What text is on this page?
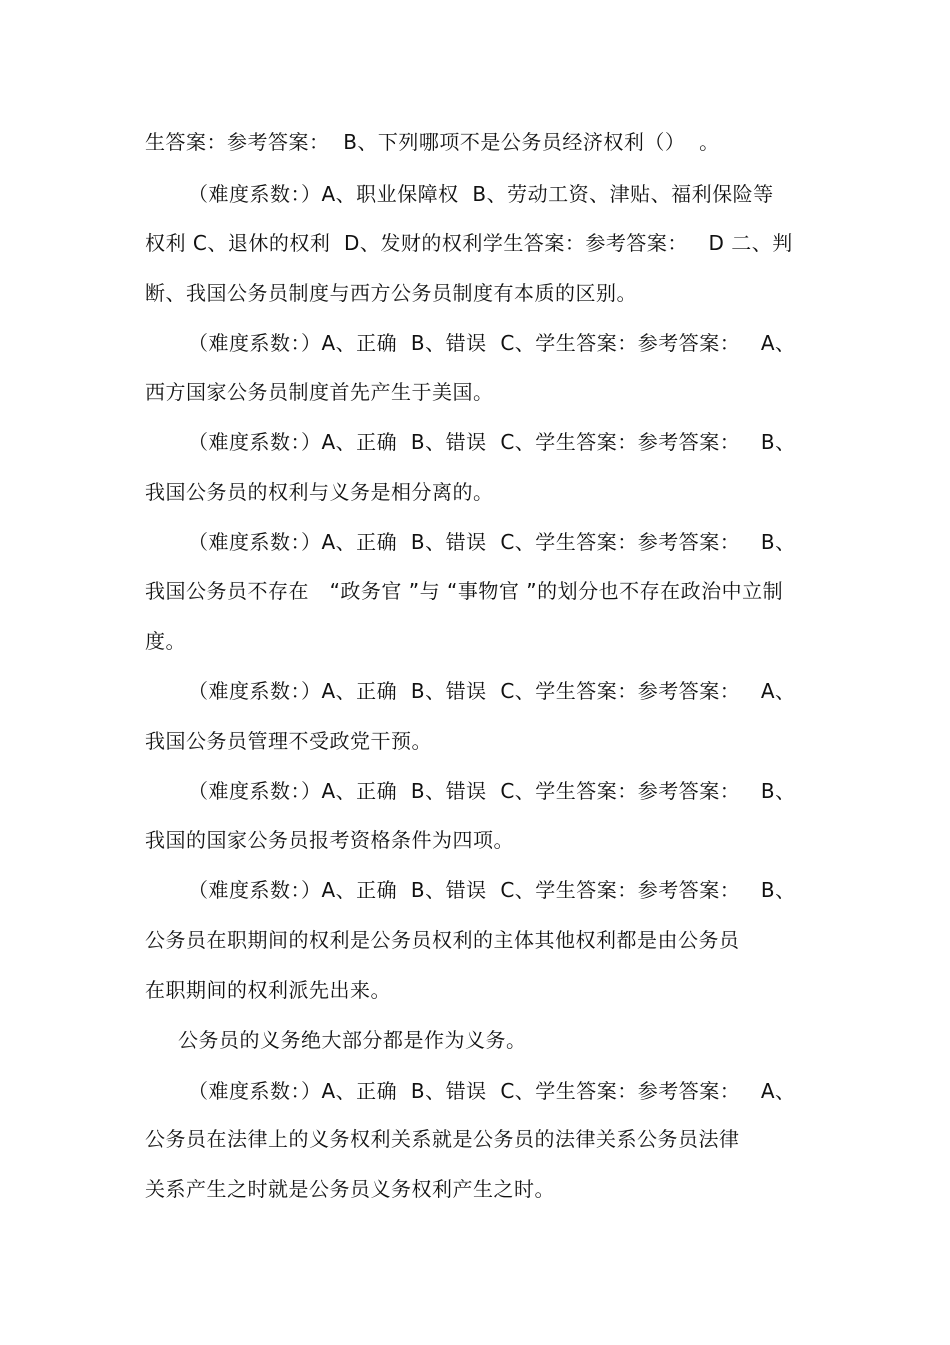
生答案：参考答案：  B、下列哪项不是公务员经济权利（）  。
（难度系数：）A、职业保障权  B、劳动工资、津贴、福利保险等
权利 C、退休的权利  D、发财的权利学生答案：参考答案：   D 二、判
断、我国公务员制度与西方公务员制度有本质的区别。
（难度系数：）A、正确  B、错误  C、学生答案：参考答案：   A、
西方国家公务员制度首先产生于美国。
（难度系数：）A、正确  B、错误  C、学生答案：参考答案：   B、
我国公务员的权利与义务是相分离的。
（难度系数：）A、正确  B、错误  C、学生答案：参考答案：   B、
我国公务员不存在   “政务官 ”与 “事物官 ”的划分也不存在政治中立制
度。
（难度系数：）A、正确  B、错误  C、学生答案：参考答案：   A、
我国公务员管理不受政党干预。
（难度系数：）A、正确  B、错误  C、学生答案：参考答案：   B、
我国的国家公务员报考资格条件为四项。
（难度系数：）A、正确  B、错误  C、学生答案：参考答案：   B、
公务员在职期间的权利是公务员权利的主体其他权利都是由公务员
在职期间的权利派先出来。
公务员的义务绝大部分都是作为义务。
（难度系数：）A、正确  B、错误  C、学生答案：参考答案：   A、
公务员在法律上的义务权利关系就是公务员的法律关系公务员法律
关系产生之时就是公务员义务权利产生之时。
